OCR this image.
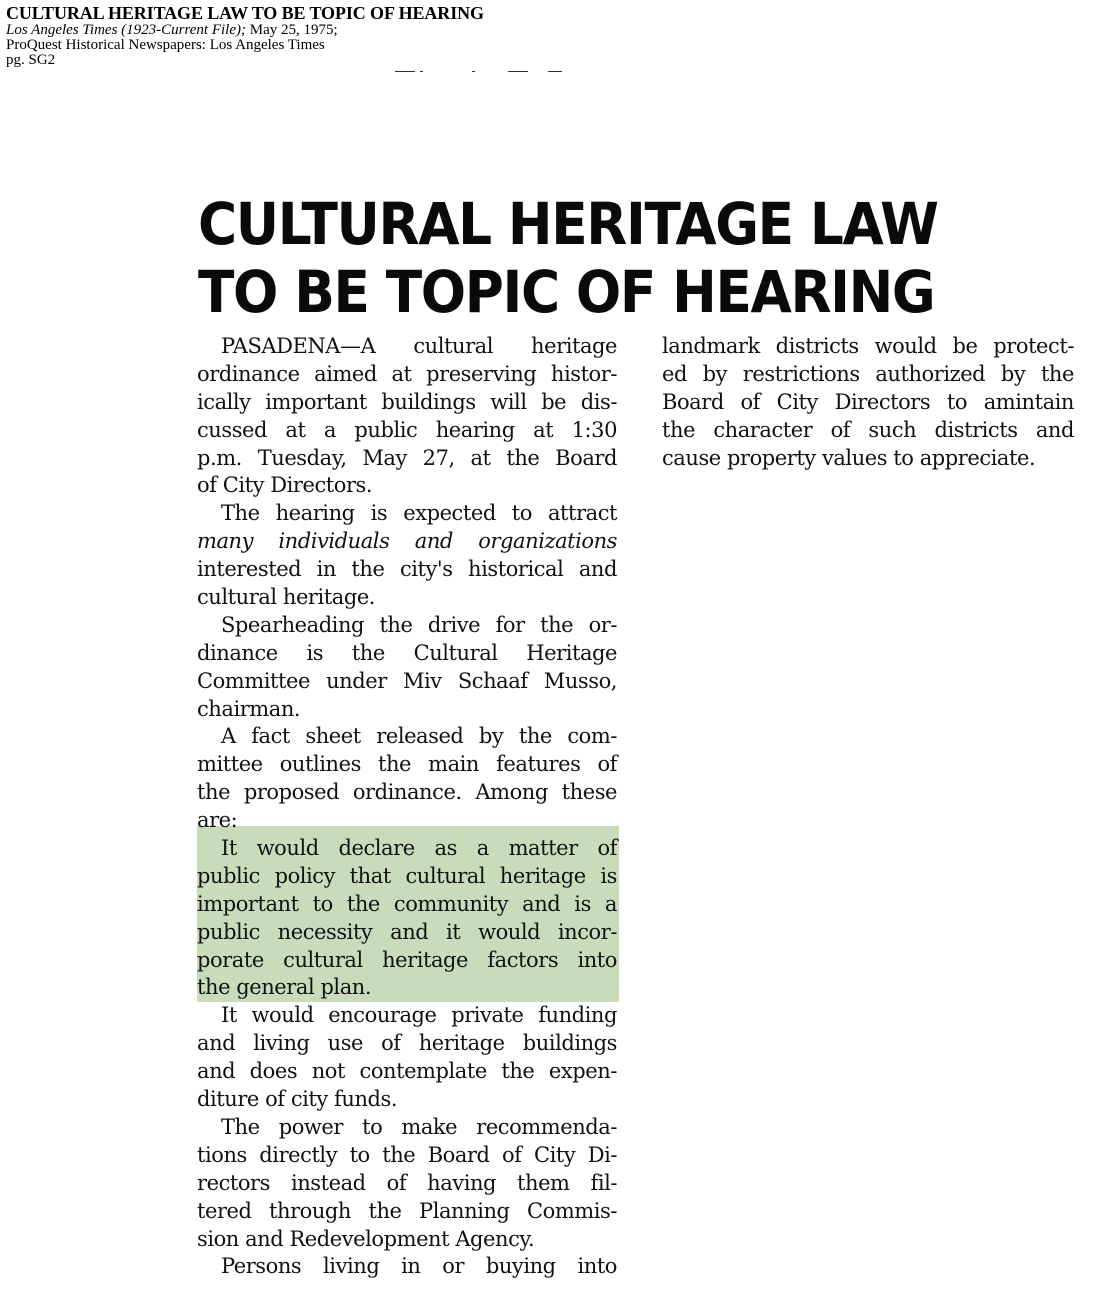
CULTURAL HERITAGE LAW TO BE TOPIC OF HEARING
Los Angeles Times (1923-Current File); May 25, 1975;
ProQuest Historical Newspapers: Los Angeles Times
pg. SG2
CULTURAL HERITAGE LAW
TO BE TOPIC OF HEARING
PASADENA—A cultural heritage
ordinance aimed at preserving histor-
ically important buildings will be dis-
cussed at a public hearing at 1:30
p.m. Tuesday, May 27, at the Board
of City Directors.
The hearing is expected to attract
many individuals and organizations
interested in the city's historical and
cultural heritage.
Spearheading the drive for the or-
dinance is the Cultural Heritage
Committee under Miv Schaaf Musso,
chairman.
A fact sheet released by the com-
mittee outlines the main features of
the proposed ordinance. Among these
are:
It would declare as a matter of
public policy that cultural heritage is
important to the community and is a
public necessity and it would incor-
porate cultural heritage factors into
the general plan.
It would encourage private funding
and living use of heritage buildings
and does not contemplate the expen-
diture of city funds.
The power to make recommenda-
tions directly to the Board of City Di-
rectors instead of having them fil-
tered through the Planning Commis-
sion and Redevelopment Agency.
Persons living in or buying into
landmark districts would be protect-
ed by restrictions authorized by the
Board of City Directors to amintain
the character of such districts and
cause property values to appreciate.
